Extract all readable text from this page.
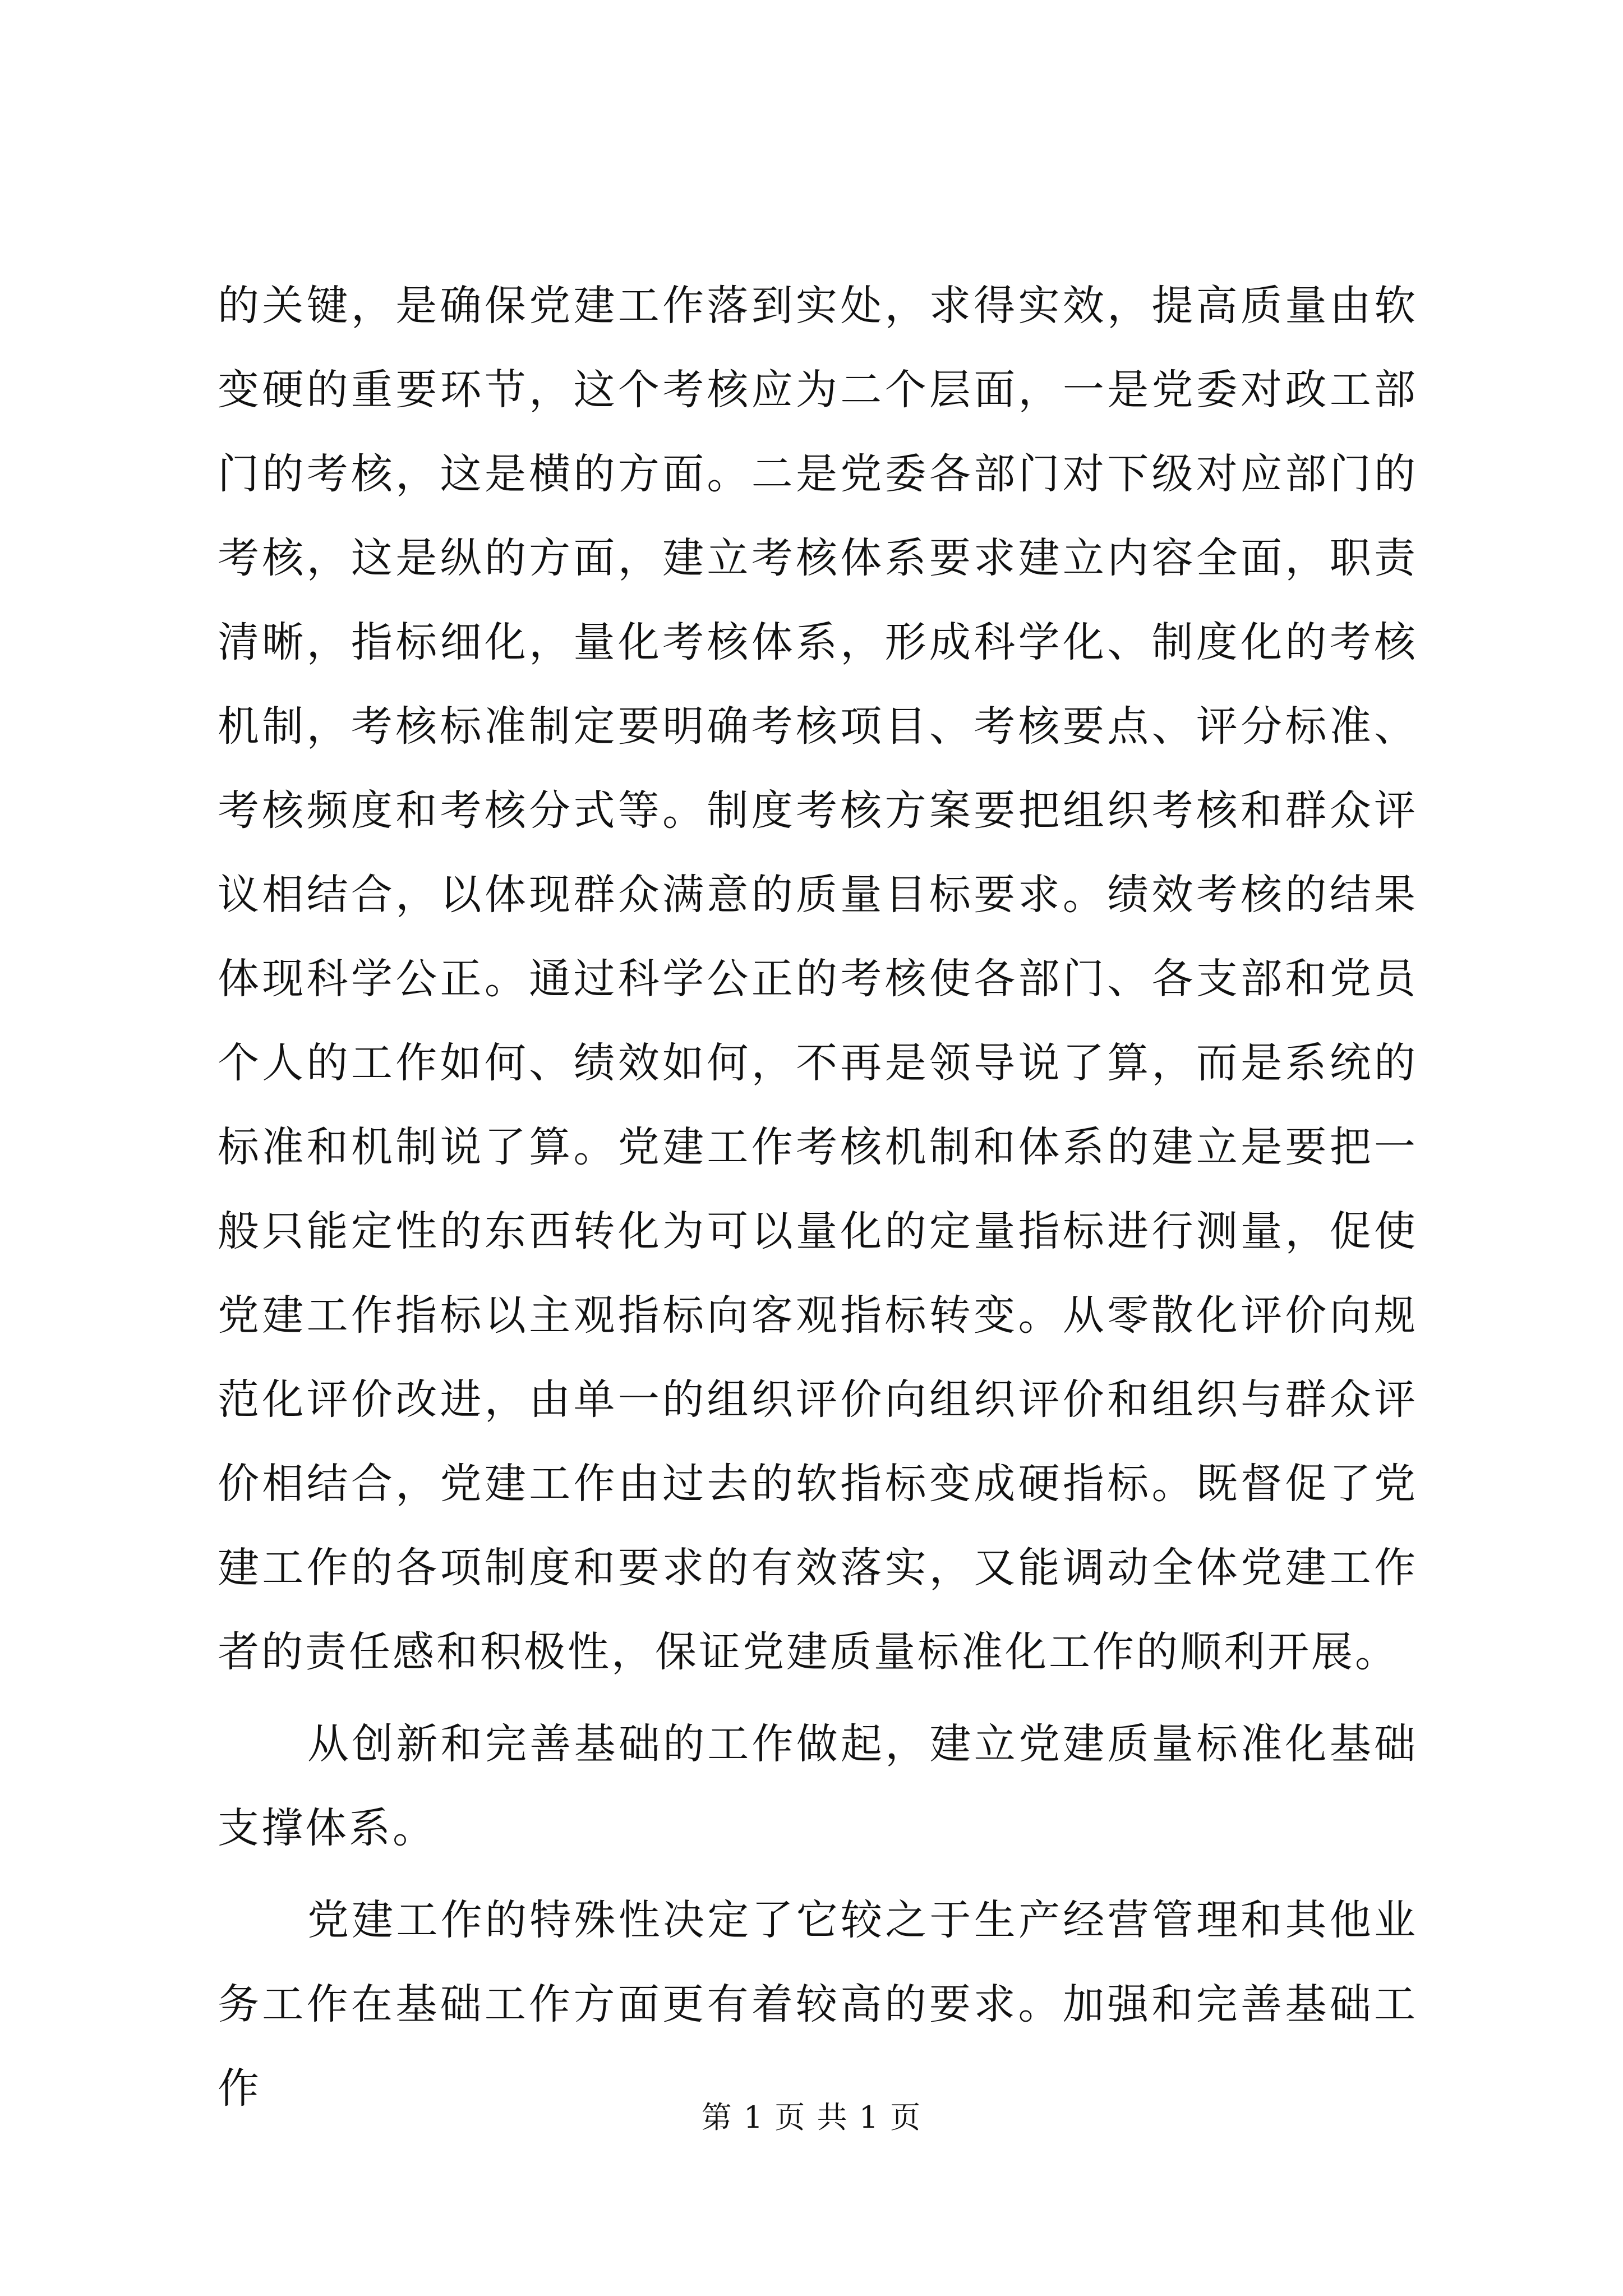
的关键，是确保党建工作落到实处，求得实效，提高质量由软变硬的重要环节，这个考核应为二个层面，一是党委对政工部门的考核，这是横的方面。二是党委各部门对下级对应部门的考核，这是纵的方面，建立考核体系要求建立内容全面，职责清晰，指标细化，量化考核体系，形成科学化、制度化的考核机制，考核标准制定要明确考核项目、考核要点、评分标准、考核频度和考核分式等。制度考核方案要把组织考核和群众评议相结合，以体现群众满意的质量目标要求。绩效考核的结果体现科学公正。通过科学公正的考核使各部门、各支部和党员个人的工作如何、绩效如何，不再是领导说了算，而是系统的标准和机制说了算。党建工作考核机制和体系的建立是要把一般只能定性的东西转化为可以量化的定量指标进行测量，促使党建工作指标以主观指标向客观指标转变。从零散化评价向规范化评价改进，由单一的组织评价向组织评价和组织与群众评价相结合，党建工作由过去的软指标变成硬指标。既督促了党建工作的各项制度和要求的有效落实，又能调动全体党建工作者的责任感和积极性，保证党建质量标准化工作的顺利开展。

从创新和完善基础的工作做起，建立党建质量标准化基础支撑体系。

党建工作的特殊性决定了它较之于生产经营管理和其他业务工作在基础工作方面更有着较高的要求。加强和完善基础工作

第 1 页 共 1 页
